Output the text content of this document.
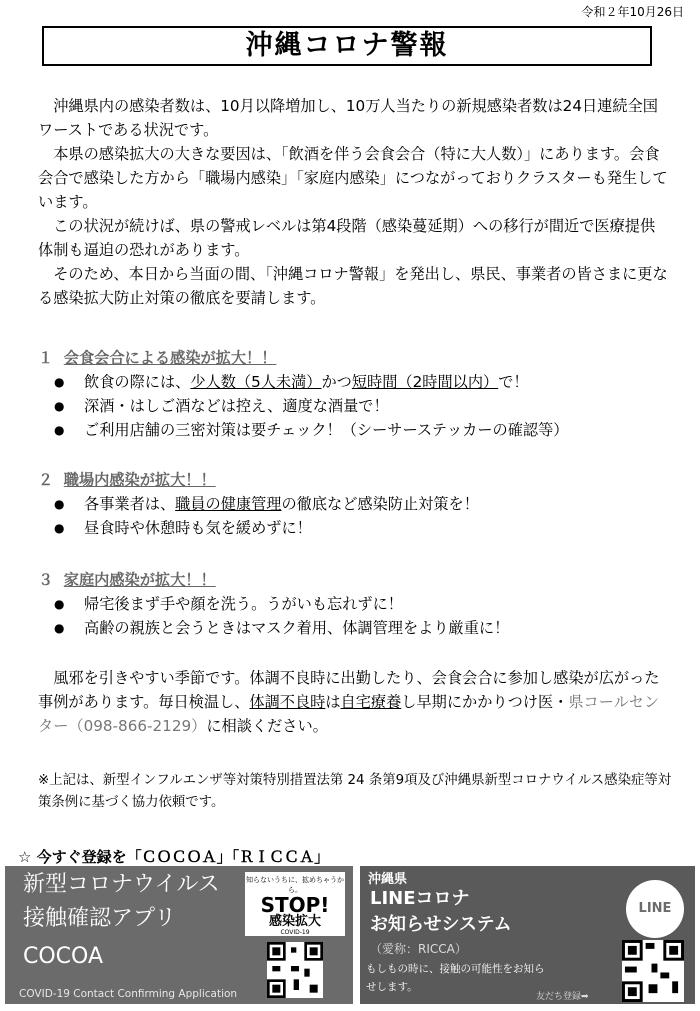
令和２年10月26日
沖縄コロナ警報

沖縄県内の感染者数は、10月以降増加し、10万人当たりの新規感染者数は24日連続全国ワーストである状況です。

本県の感染拡大の大きな要因は、「飲酒を伴う会食会合（特に大人数）」にあります。会食会合で感染した方から「職場内感染」「家庭内感染」につながっておりクラスターも発生しています。

この状況が続けば、県の警戒レベルは第4段階（感染蔓延期）への移行が間近で医療提供体制も逼迫の恐れがあります。

そのため、本日から当面の間、「沖縄コロナ警報」を発出し、県民、事業者の皆さまに更なる感染拡大防止対策の徹底を要請します。

１ 会食会合による感染が拡大！！
● 飲食の際には、少人数（5人未満）かつ短時間（2時間以内）で！
● 深酒・はしご酒などは控え、適度な酒量で！
● ご利用店舗の三密対策は要チェック！（シーサーステッカーの確認等）
２ 職場内感染が拡大！！
● 各事業者は、職員の健康管理の徹底など感染防止対策を！
● 昼食時や休憩時も気を緩めずに！
３ 家庭内感染が拡大！！
● 帰宅後まず手や顔を洗う。うがいも忘れずに！
● 高齢の親族と会うときはマスク着用、体調管理をより厳重に！

風邪を引きやすい季節です。体調不良時に出勤したり、会食会合に参加し感染が広がった事例があります。毎日検温し、体調不良時は自宅療養し早期にかかりつけ医・県コールセンター（098-866-2129）に相談ください。

※上記は、新型インフルエンザ等対策特別措置法第 24 条第9項及び沖縄県新型コロナウイルス感染症等対策条例に基づく協力依頼です。

☆ 今すぐ登録を「ＣＯＣＯＡ」「ＲＩＣＣＡ」
新型コロナウイルス
接触確認アプリ
COCOA
COVID-19 Contact Confirming Application
知らないうちに、拡めちゃうから。
STOP!
感染拡大
COVID-19
沖縄県
LINEコロナ
お知らせシステム
（愛称：RICCA）
もしもの時に、接触の可能性をお知らせします。
友だち登録➡
LINE
